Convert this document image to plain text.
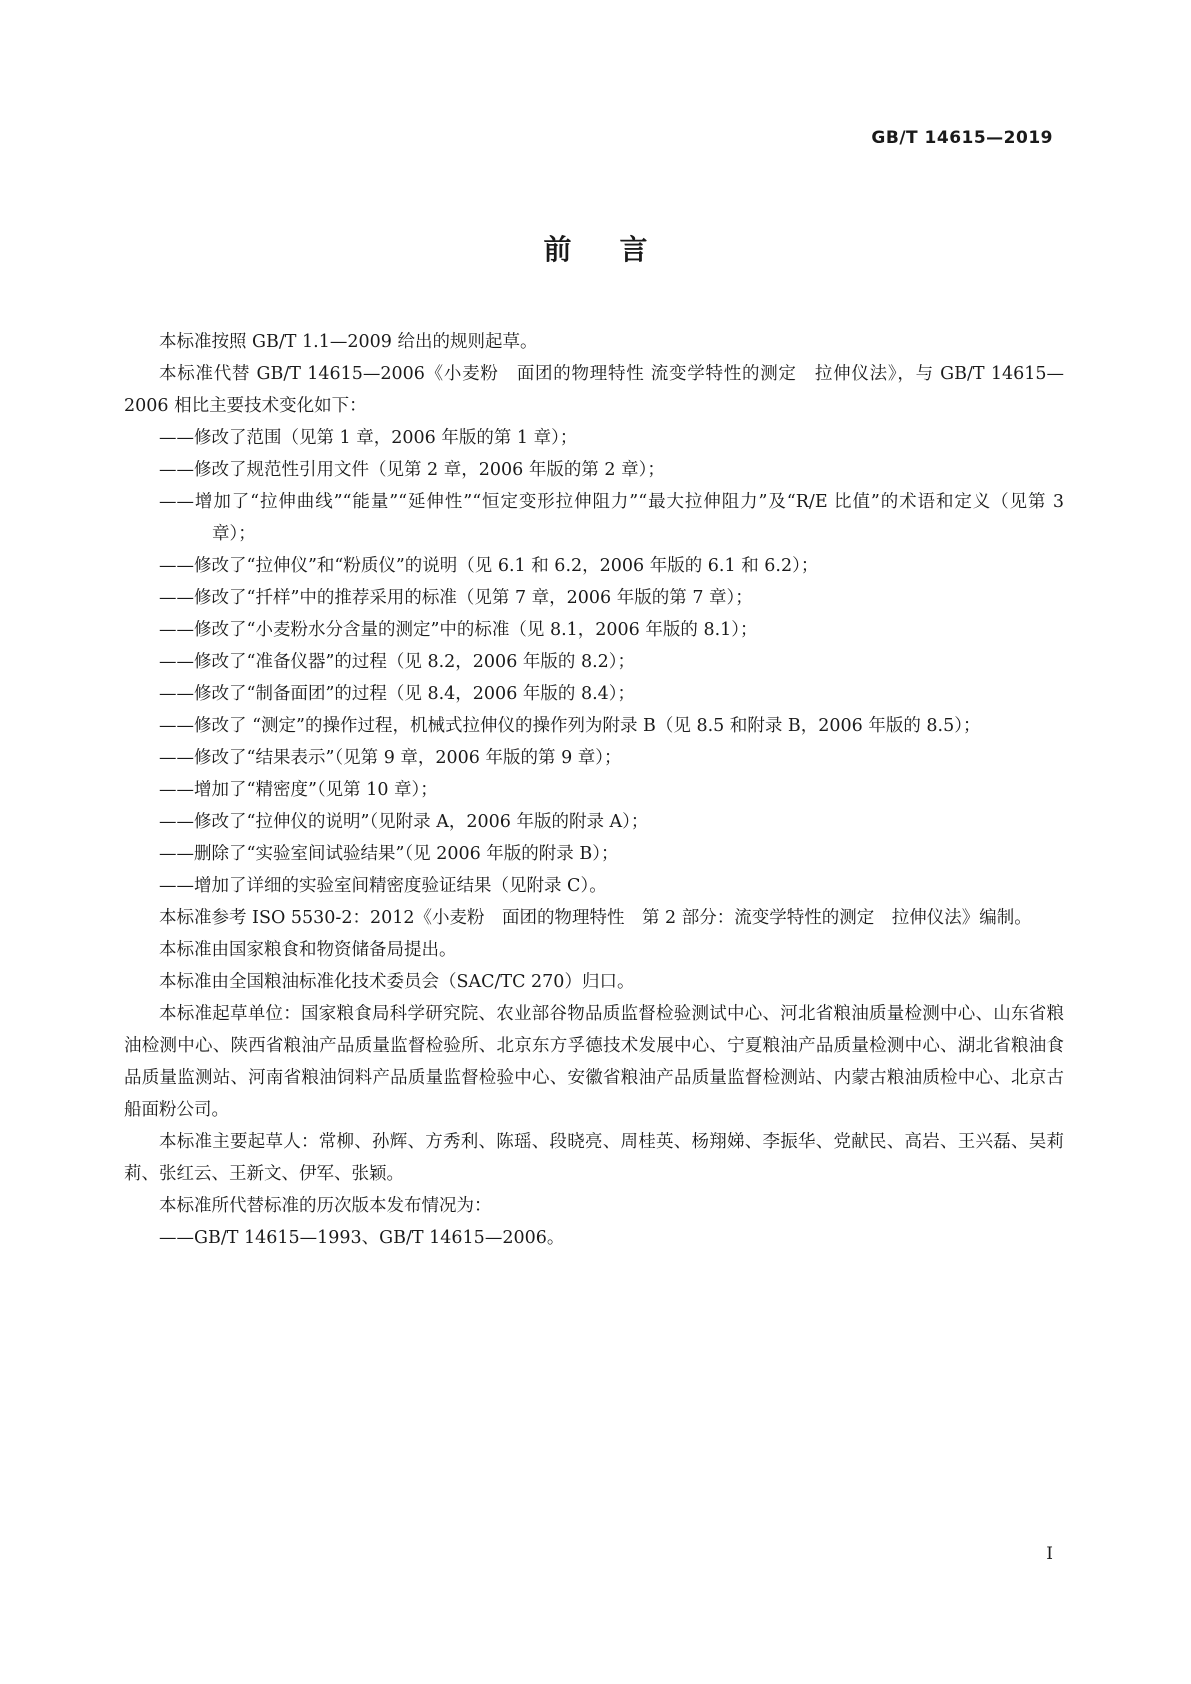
GB/T 14615—2019
前言

本标准按照 GB/T 1.1—2009 给出的规则起草。

本标准代替 GB/T 14615—2006《小麦粉　面团的物理特性 流变学特性的测定　拉伸仪法》，与 GB/T 14615—2006 相比主要技术变化如下：

——修改了范围（见第 1 章，2006 年版的第 1 章）；

——修改了规范性引用文件（见第 2 章，2006 年版的第 2 章）；

——增加了“拉伸曲线”“能量”“延伸性”“恒定变形拉伸阻力”“最大拉伸阻力”及“R/E 比值”的术语和定义（见第 3 章）；

——修改了“拉伸仪”和“粉质仪”的说明（见 6.1 和 6.2，2006 年版的 6.1 和 6.2）；

——修改了“扦样”中的推荐采用的标准（见第 7 章，2006 年版的第 7 章）；

——修改了“小麦粉水分含量的测定”中的标准（见 8.1，2006 年版的 8.1）；

——修改了“准备仪器”的过程（见 8.2，2006 年版的 8.2）；

——修改了“制备面团”的过程（见 8.4，2006 年版的 8.4）；

——修改了 “测定”的操作过程，机械式拉伸仪的操作列为附录 B（见 8.5 和附录 B，2006 年版的 8.5）；

——修改了“结果表示”（见第 9 章，2006 年版的第 9 章）；

——增加了“精密度”（见第 10 章）；

——修改了“拉伸仪的说明”（见附录 A，2006 年版的附录 A）；

——删除了“实验室间试验结果”（见 2006 年版的附录 B）；

——增加了详细的实验室间精密度验证结果（见附录 C）。

本标准参考 ISO 5530-2：2012《小麦粉　面团的物理特性　第 2 部分：流变学特性的测定　拉伸仪法》编制。

本标准由国家粮食和物资储备局提出。

本标准由全国粮油标准化技术委员会（SAC/TC 270）归口。

本标准起草单位：国家粮食局科学研究院、农业部谷物品质监督检验测试中心、河北省粮油质量检测中心、山东省粮油检测中心、陕西省粮油产品质量监督检验所、北京东方孚德技术发展中心、宁夏粮油产品质量检测中心、湖北省粮油食品质量监测站、河南省粮油饲料产品质量监督检验中心、安徽省粮油产品质量监督检测站、内蒙古粮油质检中心、北京古船面粉公司。

本标准主要起草人：常柳、孙辉、方秀利、陈瑶、段晓亮、周桂英、杨翔娣、李振华、党献民、高岩、王兴磊、吴莉莉、张红云、王新文、伊军、张颖。

本标准所代替标准的历次版本发布情况为：

——GB/T 14615—1993、GB/T 14615—2006。

I
